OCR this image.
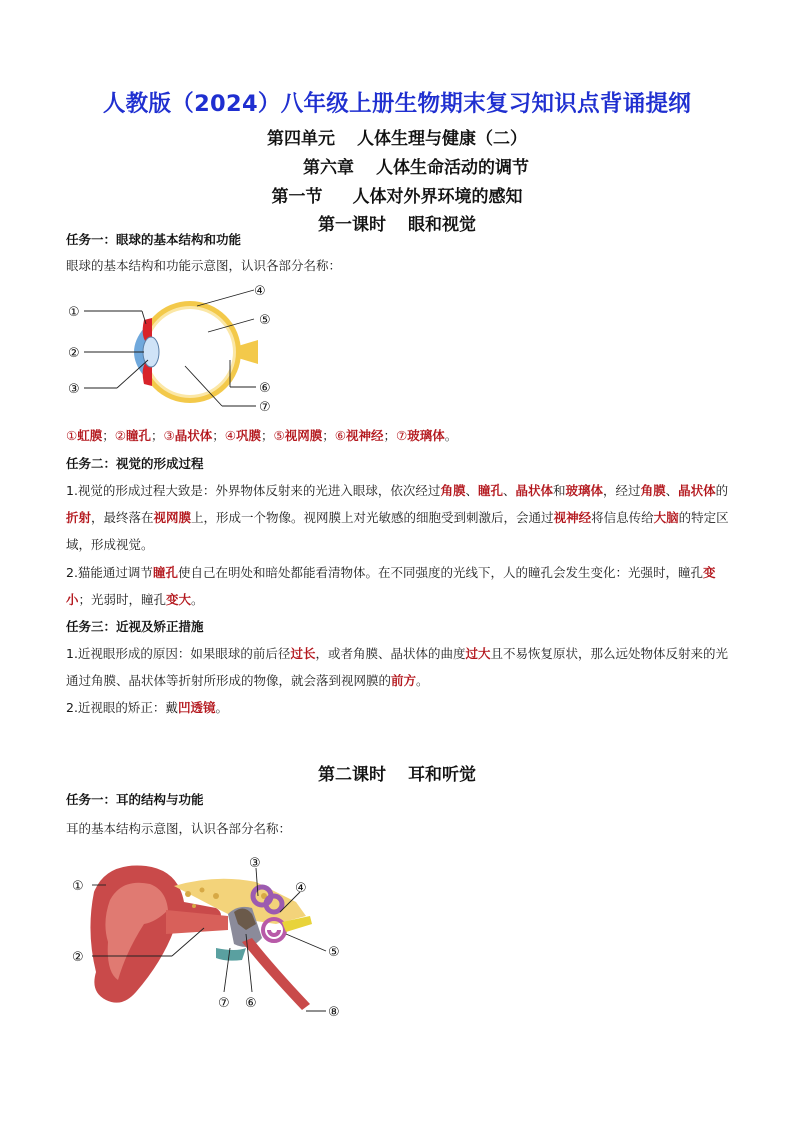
人教版（2024）八年级上册生物期末复习知识点背诵提纲
第四单元 人体生理与健康（二）
第六章 人体生命活动的调节
第一节 人体对外界环境的感知
第一课时 眼和视觉
任务一：眼球的基本结构和功能
眼球的基本结构和功能示意图，认识各部分名称：
①
②
③
④
⑤
⑥
⑦
①虹膜；②瞳孔；③晶状体；④巩膜；⑤视网膜；⑥视神经；⑦玻璃体。
任务二：视觉的形成过程
1.视觉的形成过程大致是：外界物体反射来的光进入眼球，依次经过角膜、瞳孔、晶状体和玻璃体，经过角膜、晶状体的折射，最终落在视网膜上，形成一个物像。视网膜上对光敏感的细胞受到刺激后，会通过视神经将信息传给大脑的特定区域，形成视觉。
2.猫能通过调节瞳孔使自己在明处和暗处都能看清物体。在不同强度的光线下，人的瞳孔会发生变化：光强时，瞳孔变小；光弱时，瞳孔变大。
任务三：近视及矫正措施
1.近视眼形成的原因：如果眼球的前后径过长，或者角膜、晶状体的曲度过大且不易恢复原状，那么远处物体反射来的光通过角膜、晶状体等折射所形成的物像，就会落到视网膜的前方。
2.近视眼的矫正：戴凹透镜。
第二课时 耳和听觉
任务一：耳的结构与功能
耳的基本结构示意图，认识各部分名称：
①
②
③
④
⑤
⑥
⑦
⑧
